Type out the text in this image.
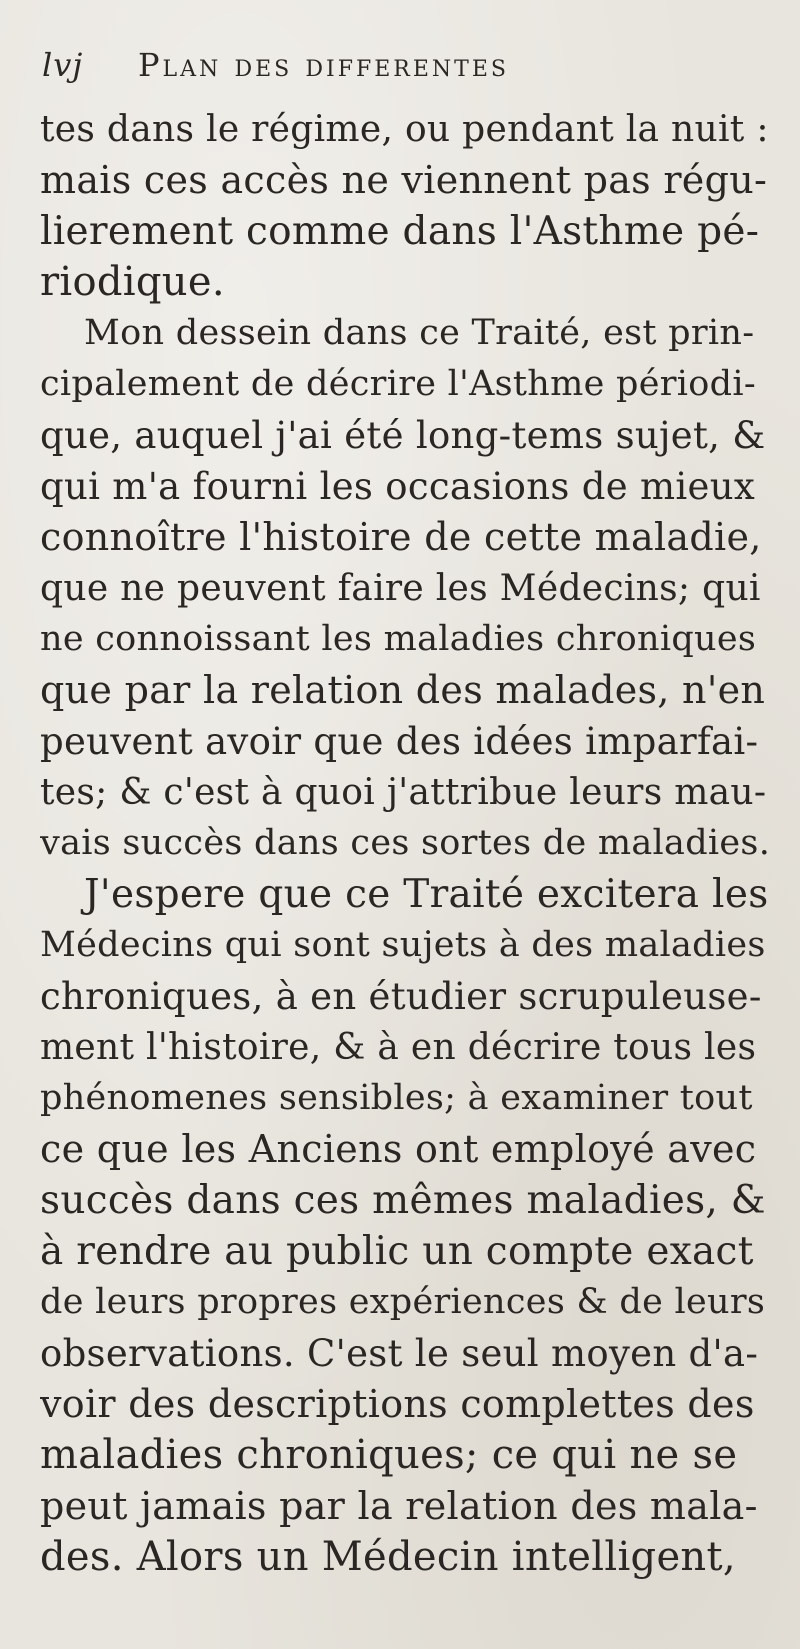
lvj Plan des differentes
tes dans le régime, ou pendant la nuit :
mais ces accès ne viennent pas régu-
lierement comme dans l'Asthme pé-
riodique.
Mon dessein dans ce Traité, est prin-
cipalement de décrire l'Asthme périodi-
que, auquel j'ai été long-tems sujet, &
qui m'a fourni les occasions de mieux
connoître l'histoire de cette maladie,
que ne peuvent faire les Médecins; qui
ne connoissant les maladies chroniques
que par la relation des malades, n'en
peuvent avoir que des idées imparfai-
tes; & c'est à quoi j'attribue leurs mau-
vais succès dans ces sortes de maladies.
J'espere que ce Traité excitera les
Médecins qui sont sujets à des maladies
chroniques, à en étudier scrupuleuse-
ment l'histoire, & à en décrire tous les
phénomenes sensibles; à examiner tout
ce que les Anciens ont employé avec
succès dans ces mêmes maladies, &
à rendre au public un compte exact
de leurs propres expériences & de leurs
observations. C'est le seul moyen d'a-
voir des descriptions complettes des
maladies chroniques; ce qui ne se
peut jamais par la relation des mala-
des. Alors un Médecin intelligent,
